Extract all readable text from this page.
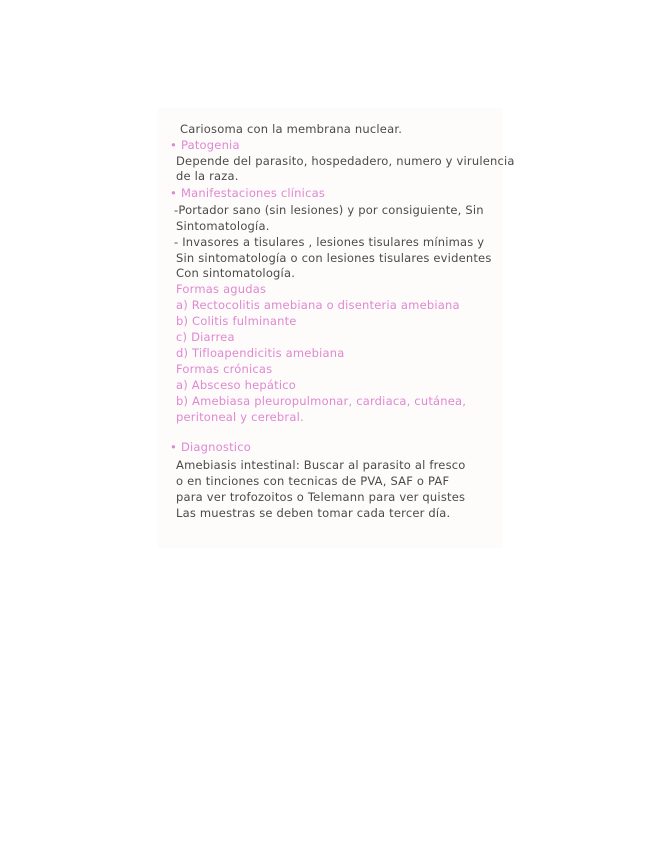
Cariosoma con la membrana nuclear.
• Patogenia
Depende del parasito, hospedadero, numero y virulencia
de la raza.
• Manifestaciones clínicas
-Portador sano (sin lesiones) y por consiguiente, Sin
Sintomatología.
- Invasores a tisulares , lesiones tisulares mínimas y
Sin sintomatología o con lesiones tisulares evidentes
Con sintomatología.
Formas agudas
a) Rectocolitis amebiana o disenteria amebiana
b) Colitis fulminante
c) Diarrea
d) Tifloapendicitis amebiana
Formas crónicas
a) Absceso hepático
b) Amebiasa pleuropulmonar, cardiaca, cutánea,
peritoneal y cerebral.
• Diagnostico
Amebiasis intestinal: Buscar al parasito al fresco
o en tinciones con tecnicas de PVA, SAF o PAF
para ver trofozoitos o Telemann para ver quistes
Las muestras se deben tomar cada tercer día.
